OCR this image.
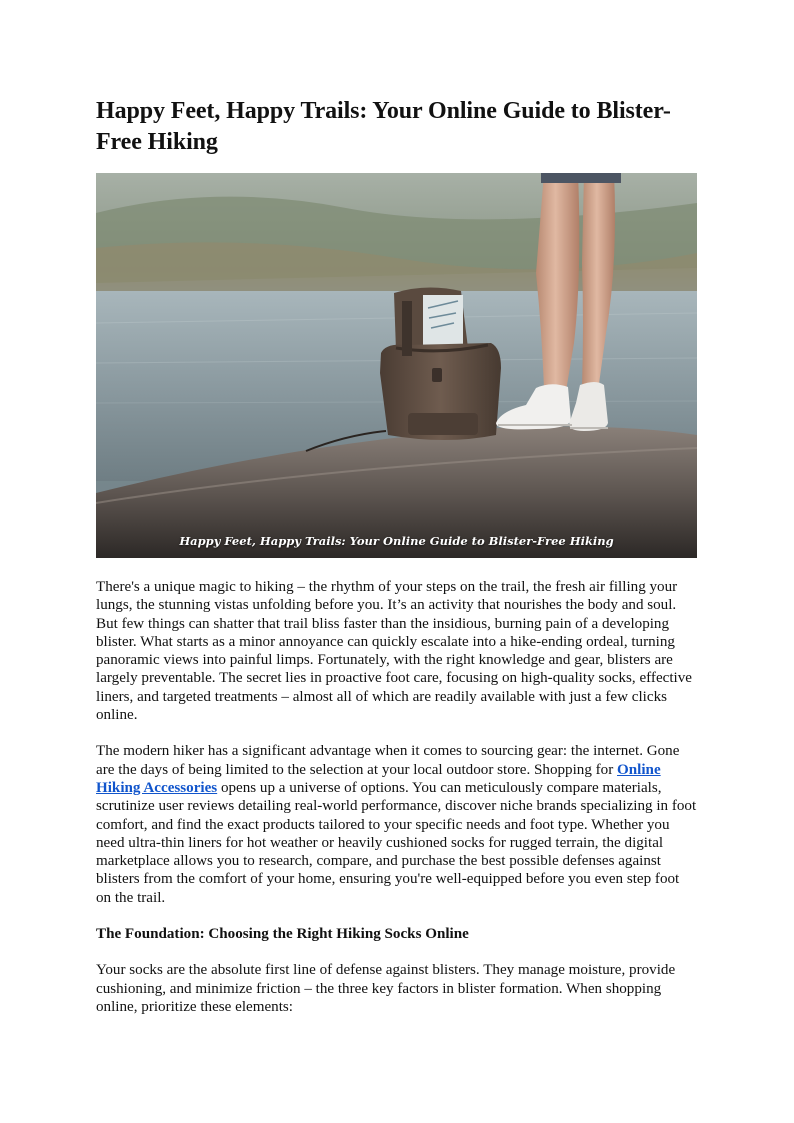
Happy Feet, Happy Trails: Your Online Guide to Blister-Free Hiking
Happy Feet, Happy Trails: Your Online Guide to Blister-Free Hiking

There's a unique magic to hiking – the rhythm of your steps on the trail, the fresh air filling your lungs, the stunning vistas unfolding before you. It’s an activity that nourishes the body and soul. But few things can shatter that trail bliss faster than the insidious, burning pain of a developing blister. What starts as a minor annoyance can quickly escalate into a hike-ending ordeal, turning panoramic views into painful limps. Fortunately, with the right knowledge and gear, blisters are largely preventable. The secret lies in proactive foot care, focusing on high-quality socks, effective liners, and targeted treatments – almost all of which are readily available with just a few clicks online.

The modern hiker has a significant advantage when it comes to sourcing gear: the internet. Gone are the days of being limited to the selection at your local outdoor store. Shopping for Online Hiking Accessories opens up a universe of options. You can meticulously compare materials, scrutinize user reviews detailing real-world performance, discover niche brands specializing in foot comfort, and find the exact products tailored to your specific needs and foot type. Whether you need ultra-thin liners for hot weather or heavily cushioned socks for rugged terrain, the digital marketplace allows you to research, compare, and purchase the best possible defenses against blisters from the comfort of your home, ensuring you're well-equipped before you even step foot on the trail.

The Foundation: Choosing the Right Hiking Socks Online

Your socks are the absolute first line of defense against blisters. They manage moisture, provide cushioning, and minimize friction – the three key factors in blister formation. When shopping online, prioritize these elements:
